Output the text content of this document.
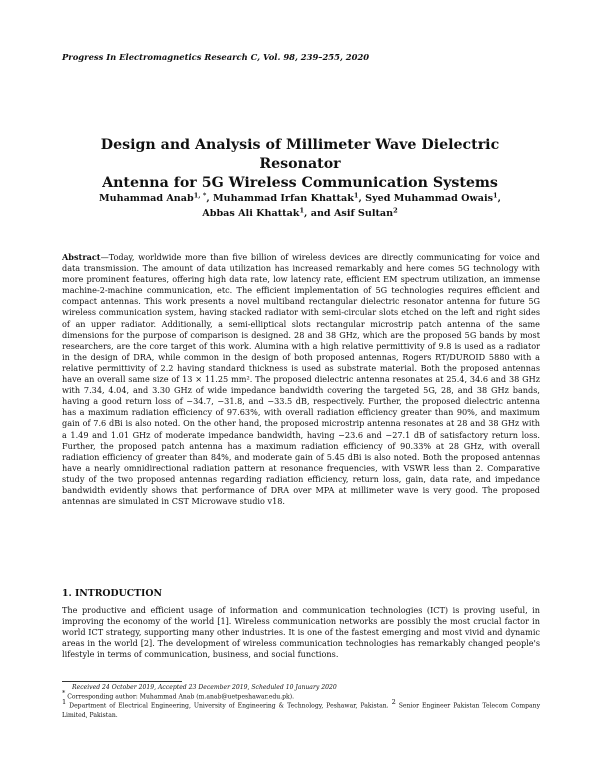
Progress In Electromagnetics Research C, Vol. 98, 239–255, 2020
Design and Analysis of Millimeter Wave Dielectric Resonator
Antenna for 5G Wireless Communication Systems
Muhammad Anab$^{1, *}$, Muhammad Irfan Khattak$^1$, Syed Muhammad Owais$^1$,
Abbas Ali Khattak$^1$, and Asif Sultan$^2$
Abstract—Today, worldwide more than five billion of wireless devices are directly communicating for voice and data transmission. The amount of data utilization has increased remarkably and here comes 5G technology with more prominent features, offering high data rate, low latency rate, efficient EM spectrum utilization, an immense machine-2-machine communication, etc. The efficient implementation of 5G technologies requires efficient and compact antennas. This work presents a novel multiband rectangular dielectric resonator antenna for future 5G wireless communication system, having stacked radiator with semi-circular slots etched on the left and right sides of an upper radiator. Additionally, a semi-elliptical slots rectangular microstrip patch antenna of the same dimensions for the purpose of comparison is designed. 28 and 38 GHz, which are the proposed 5G bands by most researchers, are the core target of this work. Alumina with a high relative permittivity of 9.8 is used as a radiator in the design of DRA, while common in the design of both proposed antennas, Rogers RT/DUROID 5880 with a relative permittivity of 2.2 having standard thickness is used as substrate material. Both the proposed antennas have an overall same size of 13 × 11.25 mm². The proposed dielectric antenna resonates at 25.4, 34.6 and 38 GHz with 7.34, 4.04, and 3.30 GHz of wide impedance bandwidth covering the targeted 5G, 28, and 38 GHz bands, having a good return loss of −34.7, −31.8, and −33.5 dB, respectively. Further, the proposed dielectric antenna has a maximum radiation efficiency of 97.63%, with overall radiation efficiency greater than 90%, and maximum gain of 7.6 dBi is also noted. On the other hand, the proposed microstrip antenna resonates at 28 and 38 GHz with a 1.49 and 1.01 GHz of moderate impedance bandwidth, having −23.6 and −27.1 dB of satisfactory return loss. Further, the proposed patch antenna has a maximum radiation efficiency of 90.33% at 28 GHz, with overall radiation efficiency of greater than 84%, and moderate gain of 5.45 dBi is also noted. Both the proposed antennas have a nearly omnidirectional radiation pattern at resonance frequencies, with VSWR less than 2. Comparative study of the two proposed antennas regarding radiation efficiency, return loss, gain, data rate, and impedance bandwidth evidently shows that performance of DRA over MPA at millimeter wave is very good. The proposed antennas are simulated in CST Microwave studio v18.
1. INTRODUCTION
The productive and efficient usage of information and communication technologies (ICT) is proving useful, in improving the economy of the world [1]. Wireless communication networks are possibly the most crucial factor in world ICT strategy, supporting many other industries. It is one of the fastest emerging and most vivid and dynamic areas in the world [2]. The development of wireless communication technologies has remarkably changed people's lifestyle in terms of communication, business, and social functions.
Received 24 October 2019, Accepted 23 December 2019, Scheduled 10 January 2020
* Corresponding author: Muhammad Anab (m.anab@uetpeshawar.edu.pk).
$^1$ Department of Electrical Engineering, University of Engineering & Technology, Peshawar, Pakistan. $^2$ Senior Engineer Pakistan Telecom Company Limited, Pakistan.
